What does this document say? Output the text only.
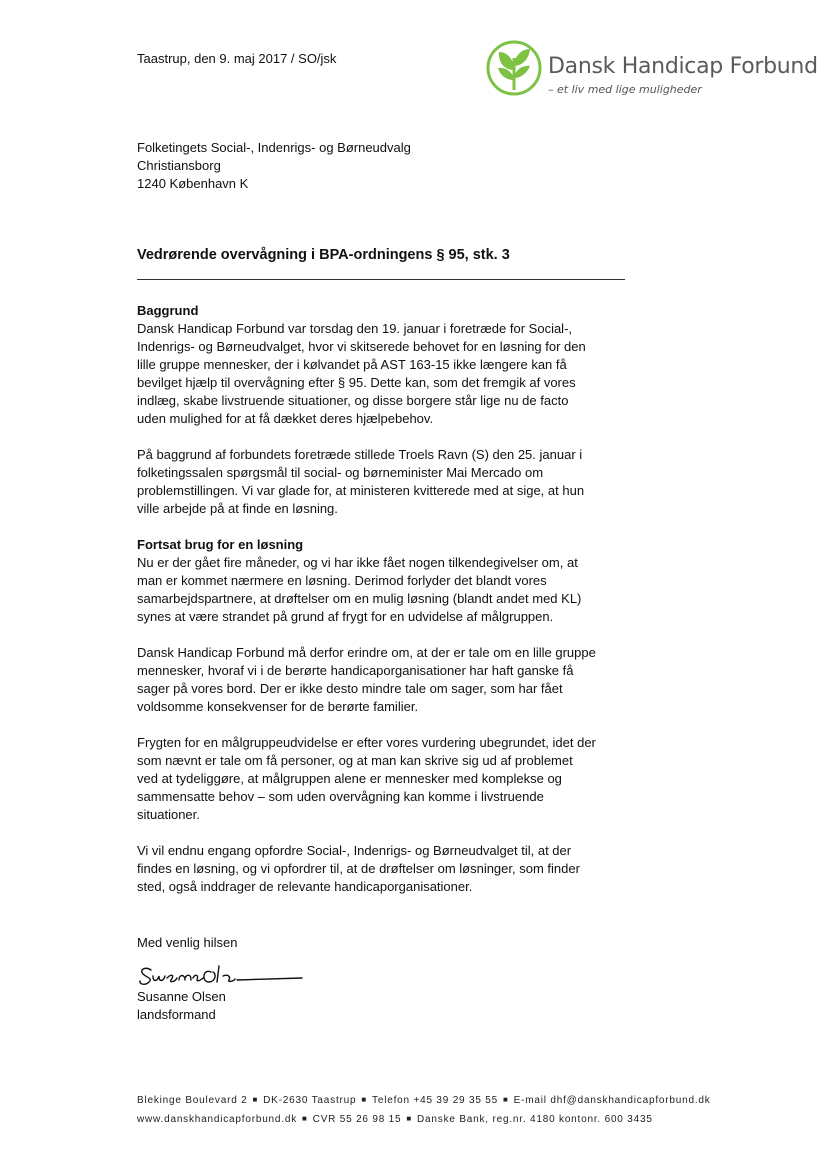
Taastrup, den 9. maj 2017 / SO/jsk	Dansk Handicap Forbund
– et liv med lige muligheder
Folketingets Social-, Indenrigs- og Børneudvalg
Christiansborg
1240 København K
Vedrørende overvågning i BPA-ordningens § 95, stk. 3
Baggrund
Dansk Handicap Forbund var torsdag den 19. januar i foretræde for Social-,
Indenrigs- og Børneudvalget, hvor vi skitserede behovet for en løsning for den
lille gruppe mennesker, der i kølvandet på AST 163-15 ikke længere kan få
bevilget hjælp til overvågning efter § 95. Dette kan, som det fremgik af vores
indlæg, skabe livstruende situationer, og disse borgere står lige nu de facto
uden mulighed for at få dækket deres hjælpebehov.
På baggrund af forbundets foretræde stillede Troels Ravn (S) den 25. januar i
folketingssalen spørgsmål til social- og børneminister Mai Mercado om
problemstillingen. Vi var glade for, at ministeren kvitterede med at sige, at hun
ville arbejde på at finde en løsning.
Fortsat brug for en løsning
Nu er der gået fire måneder, og vi har ikke fået nogen tilkendegivelser om, at
man er kommet nærmere en løsning. Derimod forlyder det blandt vores
samarbejdspartnere, at drøftelser om en mulig løsning (blandt andet med KL)
synes at være strandet på grund af frygt for en udvidelse af målgruppen.
Dansk Handicap Forbund må derfor erindre om, at der er tale om en lille gruppe
mennesker, hvoraf vi i de berørte handicaporganisationer har haft ganske få
sager på vores bord. Der er ikke desto mindre tale om sager, som har fået
voldsomme konsekvenser for de berørte familier.
Frygten for en målgruppeudvidelse er efter vores vurdering ubegrundet, idet der
som nævnt er tale om få personer, og at man kan skrive sig ud af problemet
ved at tydeliggøre, at målgruppen alene er mennesker med komplekse og
sammensatte behov – som uden overvågning kan komme i livstruende
situationer.
Vi vil endnu engang opfordre Social-, Indenrigs- og Børneudvalget til, at der
findes en løsning, og vi opfordrer til, at de drøftelser om løsninger, som finder
sted, også inddrager de relevante handicaporganisationer.
Med venlig hilsen
Susanne Olsen
landsformand
Blekinge Boulevard 2 ■ DK-2630 Taastrup ■ Telefon +45 39 29 35 55 ■ E-mail dhf@danskhandicapforbund.dk
www.danskhandicapforbund.dk ■ CVR 55 26 98 15 ■ Danske Bank, reg.nr. 4180 kontonr. 600 3435
